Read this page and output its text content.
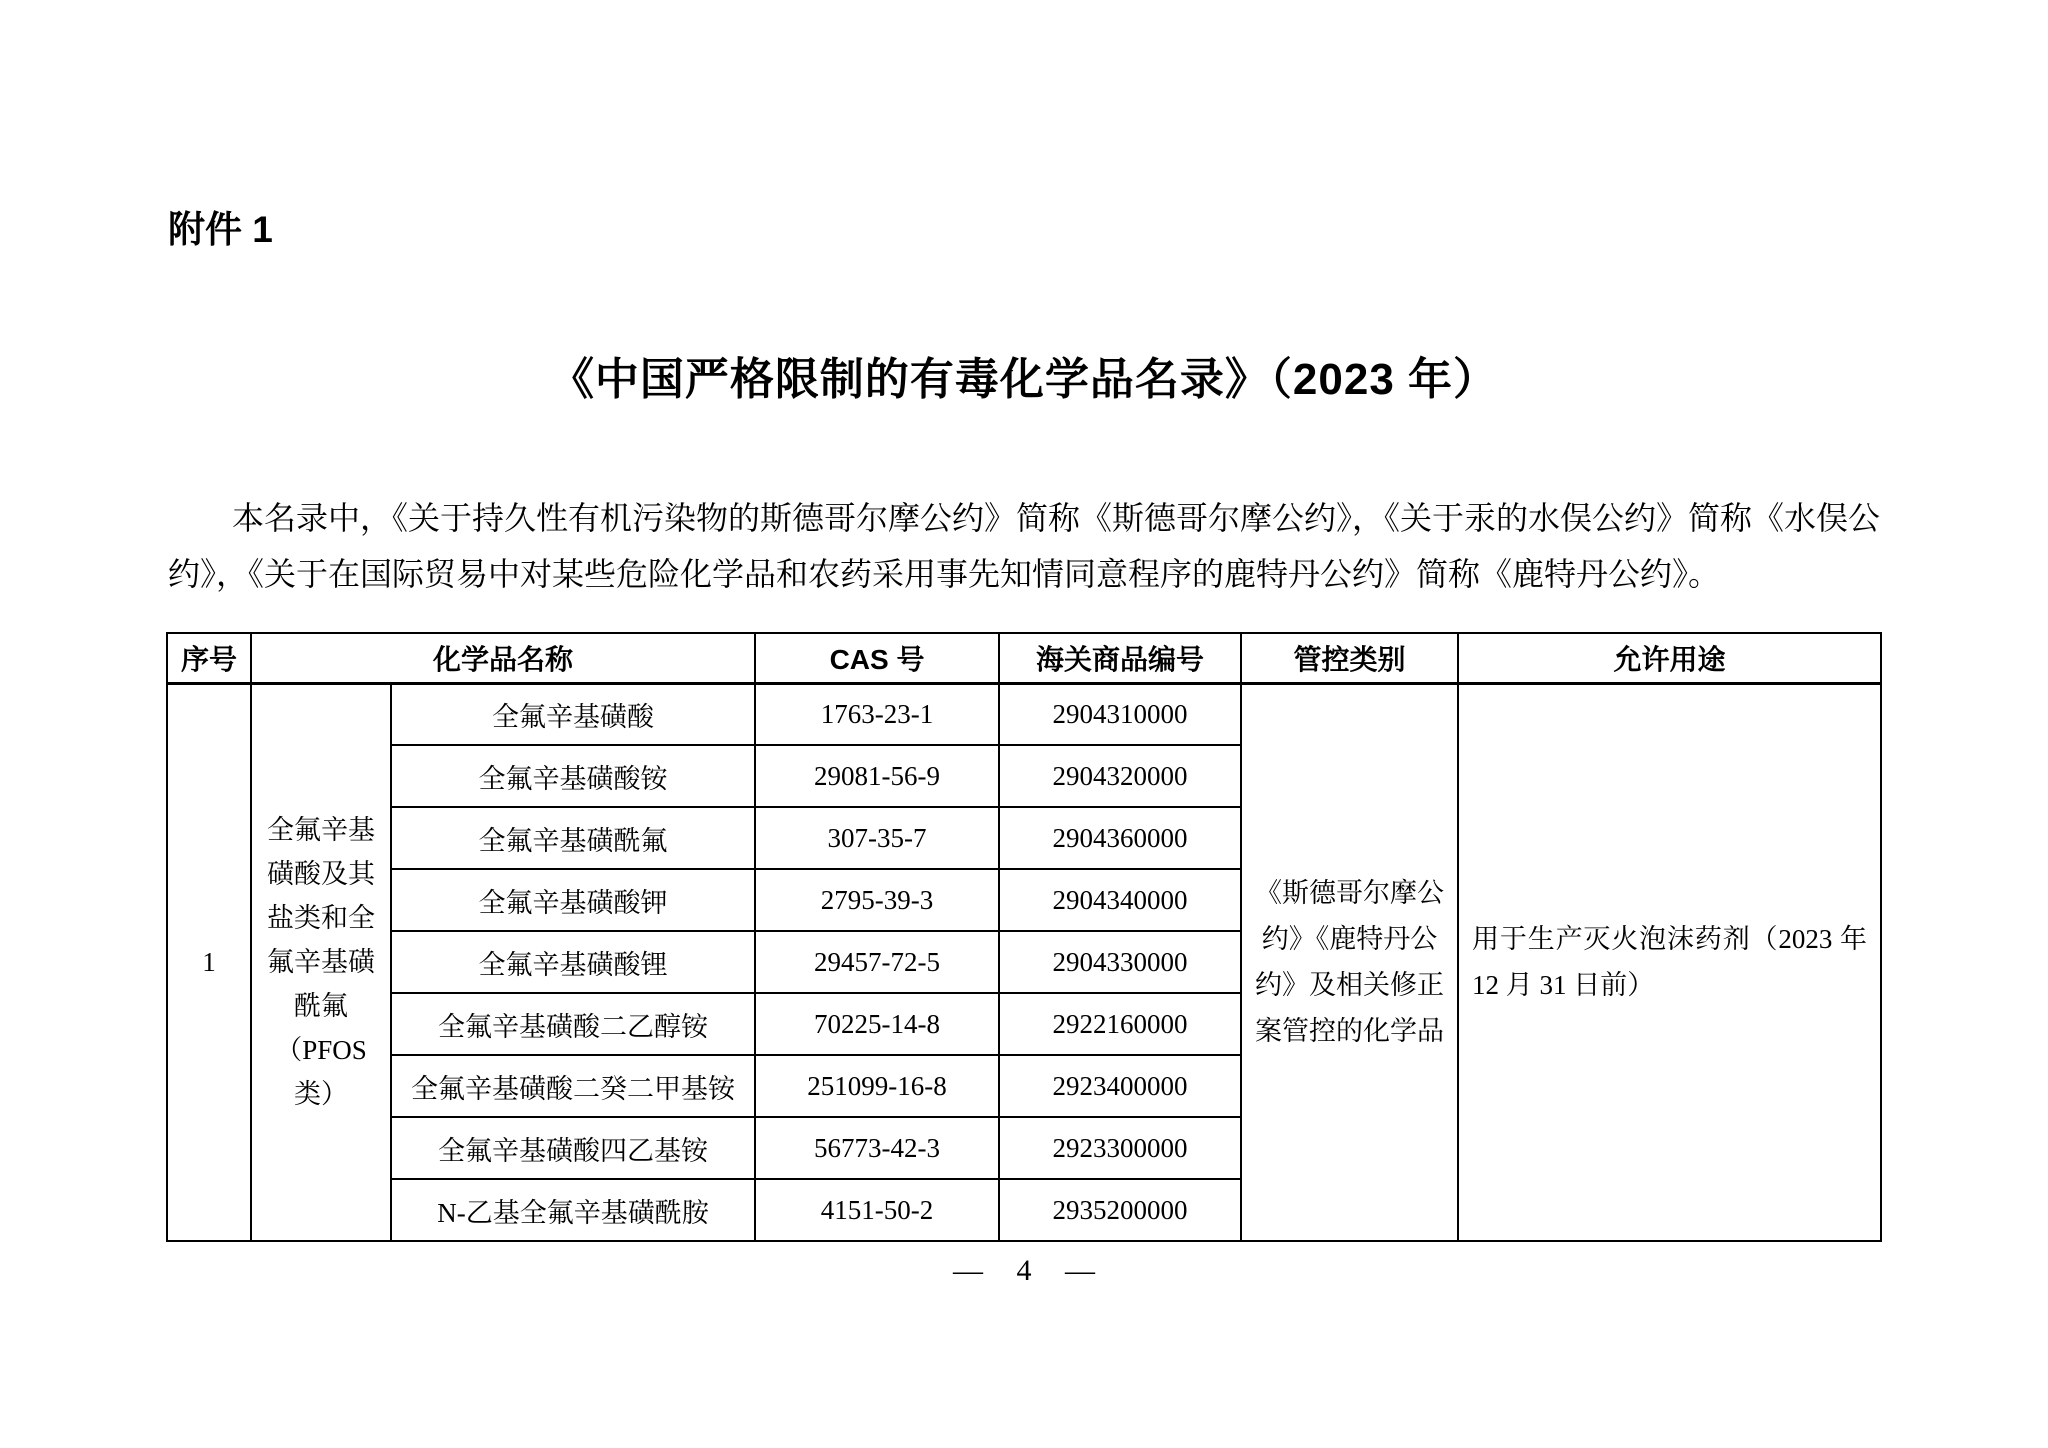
附件 1
《中国严格限制的有毒化学品名录》（2023 年）

本名录中，《关于持久性有机污染物的斯德哥尔摩公约》简称《斯德哥尔摩公约》，《关于汞的水俣公约》简称《水俣公约》，《关于在国际贸易中对某些危险化学品和农药采用事先知情同意程序的鹿特丹公约》简称《鹿特丹公约》。

序号	化学品名称		CAS 号	海关商品编号	管控类别	允许用途
1	全氟辛基磺酸及其盐类和全氟辛基磺酰氟（PFOS 类）	全氟辛基磺酸	1763-23-1	2904310000	《斯德哥尔摩公约》《鹿特丹公约》及相关修正案管控的化学品	用于生产灭火泡沫药剂（2023 年 12 月 31 日前）
		全氟辛基磺酸铵	29081-56-9	2904320000		
		全氟辛基磺酰氟	307-35-7	2904360000		
		全氟辛基磺酸钾	2795-39-3	2904340000		
		全氟辛基磺酸锂	29457-72-5	2904330000		
		全氟辛基磺酸二乙醇铵	70225-14-8	2922160000		
		全氟辛基磺酸二癸二甲基铵	251099-16-8	2923400000		
		全氟辛基磺酸四乙基铵	56773-42-3	2923300000		
		N-乙基全氟辛基磺酰胺	4151-50-2	2935200000		
— 4 —
